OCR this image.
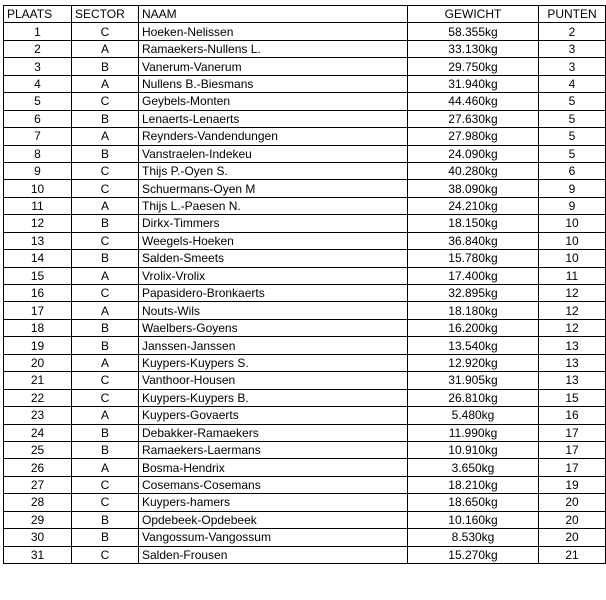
PLAATS	SECTOR	NAAM	GEWICHT	PUNTEN
1	C	Hoeken-Nelissen	58.355kg	2
2	A	Ramaekers-Nullens L.	33.130kg	3
3	B	Vanerum-Vanerum	29.750kg	3
4	A	Nullens B.-Biesmans	31.940kg	4
5	C	Geybels-Monten	44.460kg	5
6	B	Lenaerts-Lenaerts	27.630kg	5
7	A	Reynders-Vandendungen	27.980kg	5
8	B	Vanstraelen-Indekeu	24.090kg	5
9	C	Thijs P.-Oyen S.	40.280kg	6
10	C	Schuermans-Oyen M	38.090kg	9
11	A	Thijs L.-Paesen N.	24.210kg	9
12	B	Dirkx-Timmers	18.150kg	10
13	C	Weegels-Hoeken	36.840kg	10
14	B	Salden-Smeets	15.780kg	10
15	A	Vrolix-Vrolix	17.400kg	11
16	C	Papasidero-Bronkaerts	32.895kg	12
17	A	Nouts-Wils	18.180kg	12
18	B	Waelbers-Goyens	16.200kg	12
19	B	Janssen-Janssen	13.540kg	13
20	A	Kuypers-Kuypers S.	12.920kg	13
21	C	Vanthoor-Housen	31.905kg	13
22	C	Kuypers-Kuypers B.	26.810kg	15
23	A	Kuypers-Govaerts	5.480kg	16
24	B	Debakker-Ramaekers	11.990kg	17
25	B	Ramaekers-Laermans	10.910kg	17
26	A	Bosma-Hendrix	3.650kg	17
27	C	Cosemans-Cosemans	18.210kg	19
28	C	Kuypers-hamers	18.650kg	20
29	B	Opdebeek-Opdebeek	10.160kg	20
30	B	Vangossum-Vangossum	8.530kg	20
31	C	Salden-Frousen	15.270kg	21
